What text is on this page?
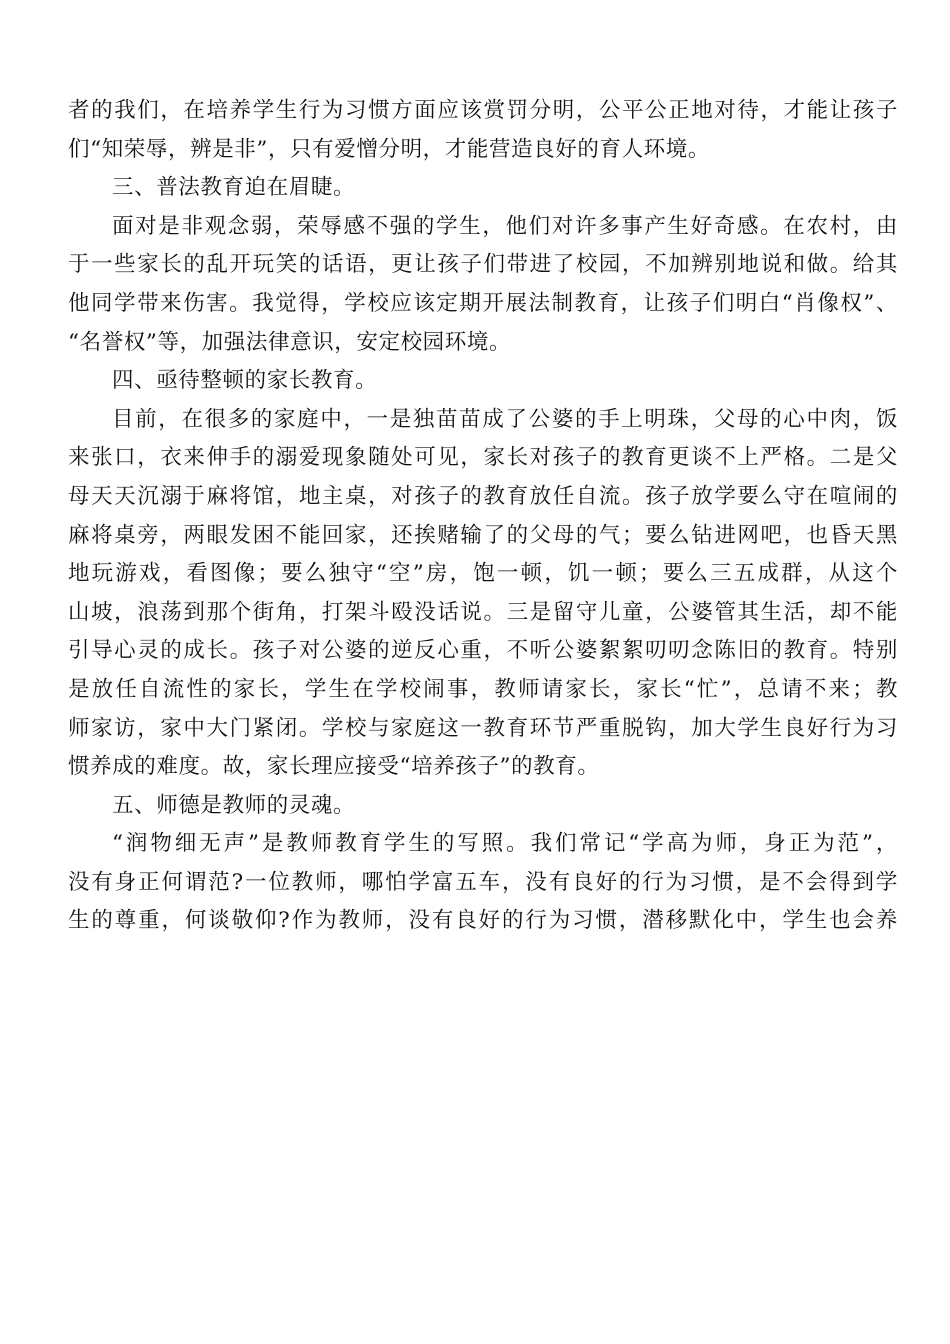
者的我们，在培养学生行为习惯方面应该赏罚分明，公平公正地对待，才能让孩子
们“知荣辱，辨是非”，只有爱憎分明，才能营造良好的育人环境。
三、普法教育迫在眉睫。
面对是非观念弱，荣辱感不强的学生，他们对许多事产生好奇感。在农村，由
于一些家长的乱开玩笑的话语，更让孩子们带进了校园，不加辨别地说和做。给其
他同学带来伤害。我觉得，学校应该定期开展法制教育，让孩子们明白“肖像权”、
“名誉权”等，加强法律意识，安定校园环境。
四、亟待整顿的家长教育。
目前，在很多的家庭中，一是独苗苗成了公婆的手上明珠，父母的心中肉，饭
来张口，衣来伸手的溺爱现象随处可见，家长对孩子的教育更谈不上严格。二是父
母天天沉溺于麻将馆，地主桌，对孩子的教育放任自流。孩子放学要么守在喧闹的
麻将桌旁，两眼发困不能回家，还挨赌输了的父母的气；要么钻进网吧，也昏天黑
地玩游戏，看图像；要么独守“空”房，饱一顿，饥一顿；要么三五成群，从这个
山坡，浪荡到那个街角，打架斗殴没话说。三是留守儿童，公婆管其生活，却不能
引导心灵的成长。孩子对公婆的逆反心重，不听公婆絮絮叨叨念陈旧的教育。特别
是放任自流性的家长，学生在学校闹事，教师请家长，家长“忙”，总请不来；教
师家访，家中大门紧闭。学校与家庭这一教育环节严重脱钩，加大学生良好行为习
惯养成的难度。故，家长理应接受“培养孩子”的教育。
五、师德是教师的灵魂。
“润物细无声”是教师教育学生的写照。我们常记“学高为师，身正为范”，
没有身正何谓范?一位教师，哪怕学富五车，没有良好的行为习惯，是不会得到学
生的尊重，何谈敬仰?作为教师，没有良好的行为习惯，潜移默化中，学生也会养
